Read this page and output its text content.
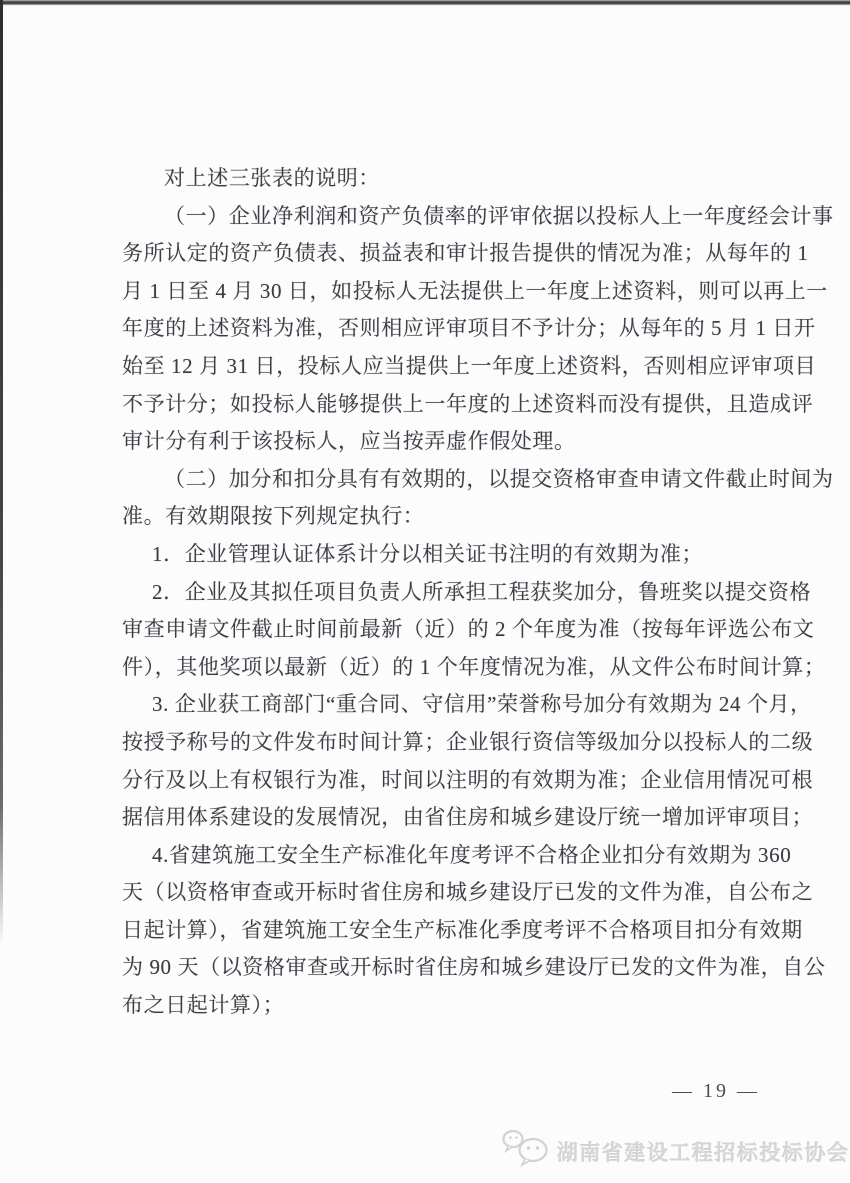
对上述三张表的说明：
（一）企业净利润和资产负债率的评审依据以投标人上一年度经会计事
务所认定的资产负债表、损益表和审计报告提供的情况为准；从每年的 1
月 1 日至 4 月 30 日，如投标人无法提供上一年度上述资料，则可以再上一
年度的上述资料为准，否则相应评审项目不予计分；从每年的 5 月 1 日开
始至 12 月 31 日，投标人应当提供上一年度上述资料，否则相应评审项目
不予计分；如投标人能够提供上一年度的上述资料而没有提供，且造成评
审计分有利于该投标人，应当按弄虚作假处理。
（二）加分和扣分具有有效期的，以提交资格审查申请文件截止时间为
准。有效期限按下列规定执行：
1．企业管理认证体系计分以相关证书注明的有效期为准；
2．企业及其拟任项目负责人所承担工程获奖加分，鲁班奖以提交资格
审查申请文件截止时间前最新（近）的 2 个年度为准（按每年评选公布文
件），其他奖项以最新（近）的 1 个年度情况为准，从文件公布时间计算；
3. 企业获工商部门“重合同、守信用”荣誉称号加分有效期为 24 个月，
按授予称号的文件发布时间计算；企业银行资信等级加分以投标人的二级
分行及以上有权银行为准，时间以注明的有效期为准；企业信用情况可根
据信用体系建设的发展情况，由省住房和城乡建设厅统一增加评审项目；
4.省建筑施工安全生产标准化年度考评不合格企业扣分有效期为 360
天（以资格审查或开标时省住房和城乡建设厅已发的文件为准，自公布之
日起计算），省建筑施工安全生产标准化季度考评不合格项目扣分有效期
为 90 天（以资格审查或开标时省住房和城乡建设厅已发的文件为准，自公
布之日起计算）；
— 19 —
湖南省建设工程招标投标协会
